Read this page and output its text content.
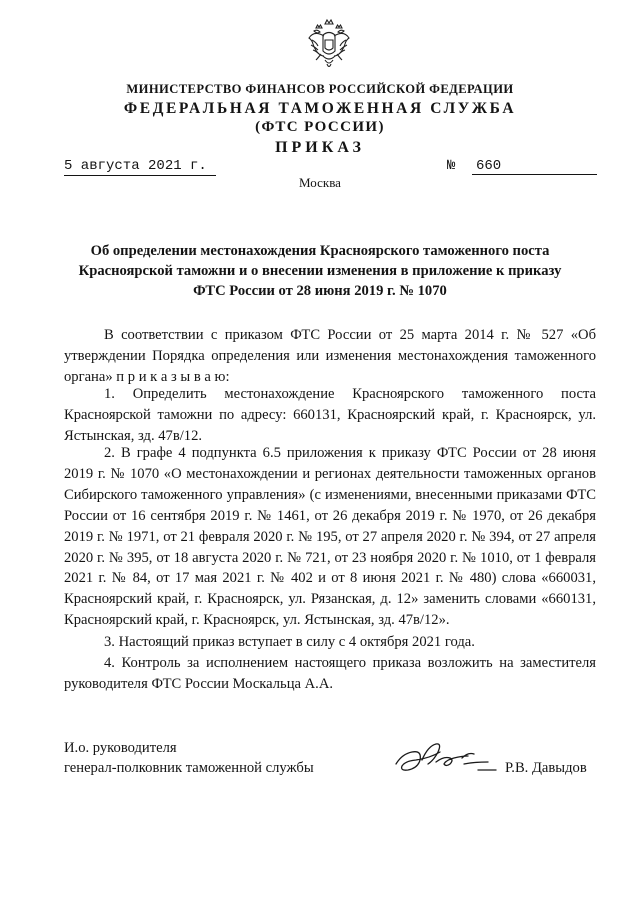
МИНИСТЕРСТВО ФИНАНСОВ РОССИЙСКОЙ ФЕДЕРАЦИИ
ФЕДЕРАЛЬНАЯ ТАМОЖЕННАЯ СЛУЖБА
(ФТС РОССИИ)
ПРИКАЗ
5 августа 2021 г.	№ 660
Москва
Об определении местонахождения Красноярского таможенного поста
Красноярской таможни и о внесении изменения в приложение к приказу
ФТС России от 28 июня 2019 г. № 1070
В соответствии с приказом ФТС России от 25 марта 2014 г. № 527 «Об утверждении Порядка определения или изменения местонахождения таможенного органа» п р и к а з ы в а ю:
1. Определить местонахождение Красноярского таможенного поста Красноярской таможни по адресу: 660131, Красноярский край, г. Красноярск, ул. Ястынская, зд. 47в/12.
2. В графе 4 подпункта 6.5 приложения к приказу ФТС России от 28 июня 2019 г. № 1070 «О местонахождении и регионах деятельности таможенных органов Сибирского таможенного управления» (с изменениями, внесенными приказами ФТС России от 16 сентября 2019 г. № 1461, от 26 декабря 2019 г. № 1970, от 26 декабря 2019 г. № 1971, от 21 февраля 2020 г. № 195, от 27 апреля 2020 г. № 394, от 27 апреля 2020 г. № 395, от 18 августа 2020 г. № 721, от 23 ноября 2020 г. № 1010, от 1 февраля 2021 г. № 84, от 17 мая 2021 г. № 402 и от 8 июня 2021 г. № 480) слова «660031, Красноярский край, г. Красноярск, ул. Рязанская, д. 12» заменить словами «660131, Красноярский край, г. Красноярск, ул. Ястынская, зд. 47в/12».
3. Настоящий приказ вступает в силу с 4 октября 2021 года.
4. Контроль за исполнением настоящего приказа возложить на заместителя руководителя ФТС России Москальца А.А.
И.о. руководителя
генерал-полковник таможенной службы	Р.В. Давыдов
